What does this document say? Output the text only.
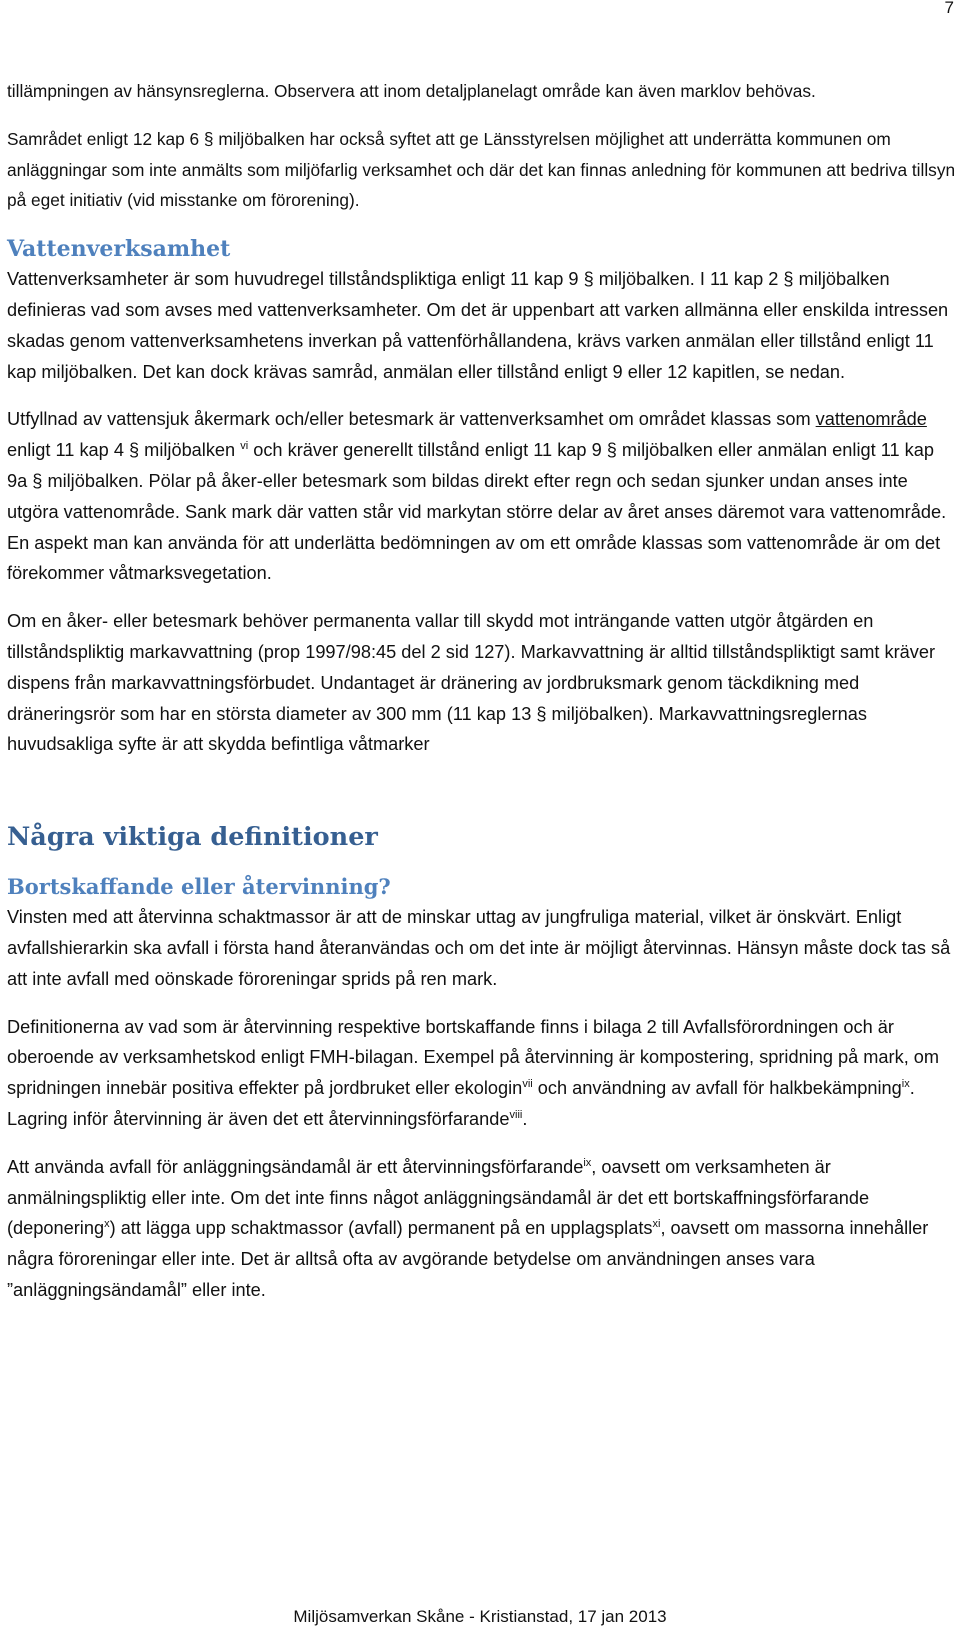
7

tillämpningen av hänsynsreglerna. Observera att inom detaljplanelagt område kan även marklov behövas.

Samrådet enligt 12 kap 6 § miljöbalken har också syftet att ge Länsstyrelsen möjlighet att underrätta kommunen om anläggningar som inte anmälts som miljöfarlig verksamhet och där det kan finnas anledning för kommunen att bedriva tillsyn på eget initiativ (vid misstanke om förorening).

Vattenverksamhet

Vattenverksamheter är som huvudregel tillståndspliktiga enligt 11 kap 9 § miljöbalken. I 11 kap 2 § miljöbalken definieras vad som avses med vattenverksamheter. Om det är uppenbart att varken allmänna eller enskilda intressen skadas genom vattenverksamhetens inverkan på vattenförhållandena, krävs varken anmälan eller tillstånd enligt 11 kap miljöbalken. Det kan dock krävas samråd, anmälan eller tillstånd enligt 9 eller 12 kapitlen, se nedan.

Utfyllnad av vattensjuk åkermark och/eller betesmark är vattenverksamhet om området klassas som vattenområde enligt 11 kap 4 § miljöbalken $^{vi}$ och kräver generellt tillstånd enligt 11 kap 9 § miljöbalken eller anmälan enligt 11 kap 9a § miljöbalken. Pölar på åker-eller betesmark som bildas direkt efter regn och sedan sjunker undan anses inte utgöra vattenområde. Sank mark där vatten står vid markytan större delar av året anses däremot vara vattenområde. En aspekt man kan använda för att underlätta bedömningen av om ett område klassas som vattenområde är om det förekommer våtmarksvegetation.

Om en åker- eller betesmark behöver permanenta vallar till skydd mot inträngande vatten utgör åtgärden en tillståndspliktig markavvattning (prop 1997/98:45 del 2 sid 127). Markavvattning är alltid tillståndspliktigt samt kräver dispens från markavvattningsförbudet. Undantaget är dränering av jordbruksmark genom täckdikning med dräneringsrör som har en största diameter av 300 mm (11 kap 13 § miljöbalken). Markavvattningsreglernas huvudsakliga syfte är att skydda befintliga våtmarker

Några viktiga definitioner
Bortskaffande eller återvinning?

Vinsten med att återvinna schaktmassor är att de minskar uttag av jungfruliga material, vilket är önskvärt. Enligt avfallshierarkin ska avfall i första hand återanvändas och om det inte är möjligt återvinnas. Hänsyn måste dock tas så att inte avfall med oönskade föroreningar sprids på ren mark.

Definitionerna av vad som är återvinning respektive bortskaffande finns i bilaga 2 till Avfallsförordningen och är oberoende av verksamhetskod enligt FMH-bilagan. Exempel på återvinning är kompostering, spridning på mark, om spridningen innebär positiva effekter på jordbruket eller ekologin$^{vii}$ och användning av avfall för halkbekämpning$^{ix}$. Lagring inför återvinning är även det ett återvinningsförfarande$^{viii}$.

Att använda avfall för anläggningsändamål är ett återvinningsförfarande$^{ix}$, oavsett om verksamheten är anmälningspliktig eller inte. Om det inte finns något anläggningsändamål är det ett bortskaffningsförfarande (deponering$^x$) att lägga upp schaktmassor (avfall) permanent på en upplagsplats$^{xi}$, oavsett om massorna innehåller några föroreningar eller inte. Det är alltså ofta av avgörande betydelse om användningen anses vara ”anläggningsändamål” eller inte.

Miljösamverkan Skåne - Kristianstad, 17 jan 2013
